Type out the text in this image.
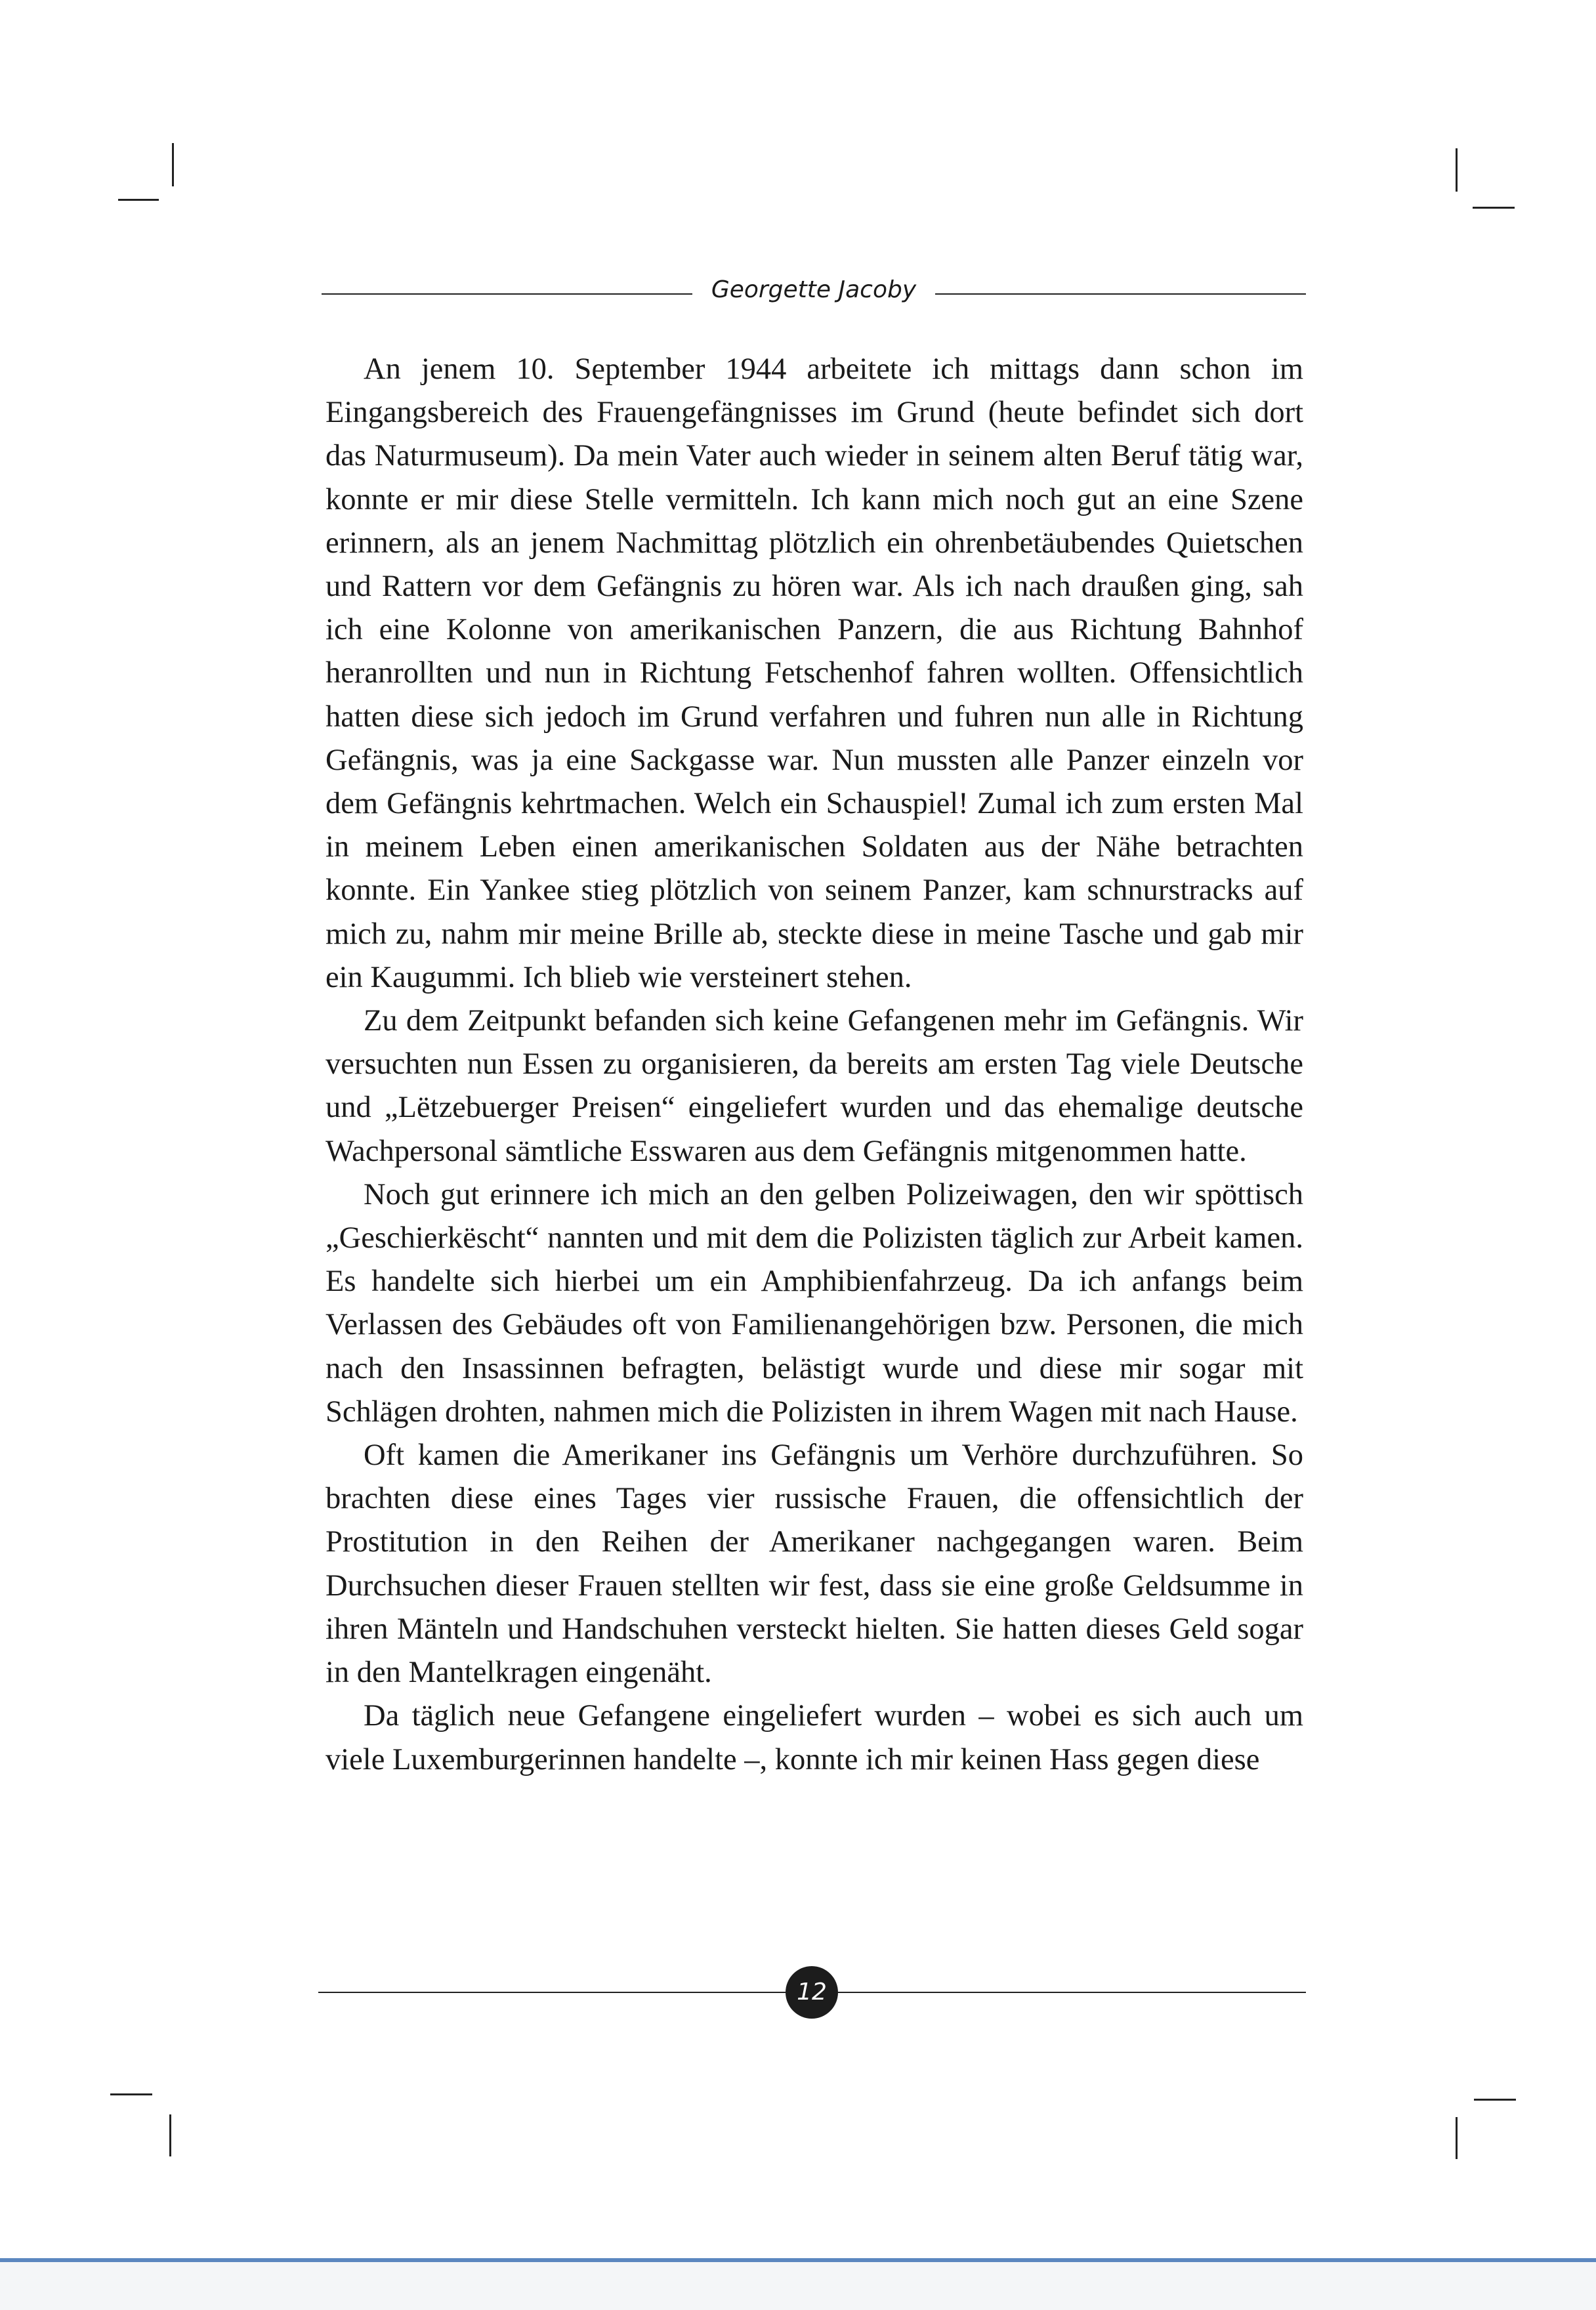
Georgette Jacoby

An jenem 10. September 1944 arbeitete ich mittags dann schon im Eingangsbereich des Frauengefängnisses im Grund (heute befindet sich dort das Naturmuseum). Da mein Vater auch wieder in seinem alten Beruf tätig war, konnte er mir diese Stelle vermitteln. Ich kann mich noch gut an eine Szene erinnern, als an jenem Nachmittag plötzlich ein ohrenbetäubendes Quietschen und Rattern vor dem Gefängnis zu hören war. Als ich nach draußen ging, sah ich eine Kolonne von amerikanischen Panzern, die aus Richtung Bahnhof heranrollten und nun in Richtung Fetschenhof fahren wollten. Offensichtlich hatten diese sich jedoch im Grund verfahren und fuhren nun alle in Richtung Gefängnis, was ja eine Sackgasse war. Nun mussten alle Panzer einzeln vor dem Gefängnis kehrtmachen. Welch ein Schauspiel! Zumal ich zum ersten Mal in meinem Leben einen amerikanischen Soldaten aus der Nähe betrachten konnte. Ein Yankee stieg plötzlich von seinem Panzer, kam schnurstracks auf mich zu, nahm mir meine Brille ab, steckte diese in meine Tasche und gab mir ein Kaugummi. Ich blieb wie versteinert stehen.

Zu dem Zeitpunkt befanden sich keine Gefangenen mehr im Gefängnis. Wir versuchten nun Essen zu organisieren, da bereits am ersten Tag viele Deutsche und „Lëtzebuerger Preisen“ eingeliefert wurden und das ehemalige deutsche Wachpersonal sämtliche Esswaren aus dem Gefängnis mitgenommen hatte.

Noch gut erinnere ich mich an den gelben Polizeiwagen, den wir spöttisch „Geschierkëscht“ nannten und mit dem die Polizisten täglich zur Arbeit kamen. Es handelte sich hierbei um ein Amphibienfahrzeug. Da ich anfangs beim Verlassen des Gebäudes oft von Familienangehörigen bzw. Personen, die mich nach den Insassinnen befragten, belästigt wurde und diese mir sogar mit Schlägen drohten, nahmen mich die Polizisten in ihrem Wagen mit nach Hause.

Oft kamen die Amerikaner ins Gefängnis um Verhöre durchzuführen. So brachten diese eines Tages vier russische Frauen, die offensichtlich der Prostitution in den Reihen der Amerikaner nachgegangen waren. Beim Durchsuchen dieser Frauen stellten wir fest, dass sie eine große Geldsumme in ihren Mänteln und Handschuhen versteckt hielten. Sie hatten dieses Geld sogar in den Mantelkragen eingenäht.

Da täglich neue Gefangene eingeliefert wurden – wobei es sich auch um viele Luxemburgerinnen handelte –, konnte ich mir keinen Hass gegen diese

12
